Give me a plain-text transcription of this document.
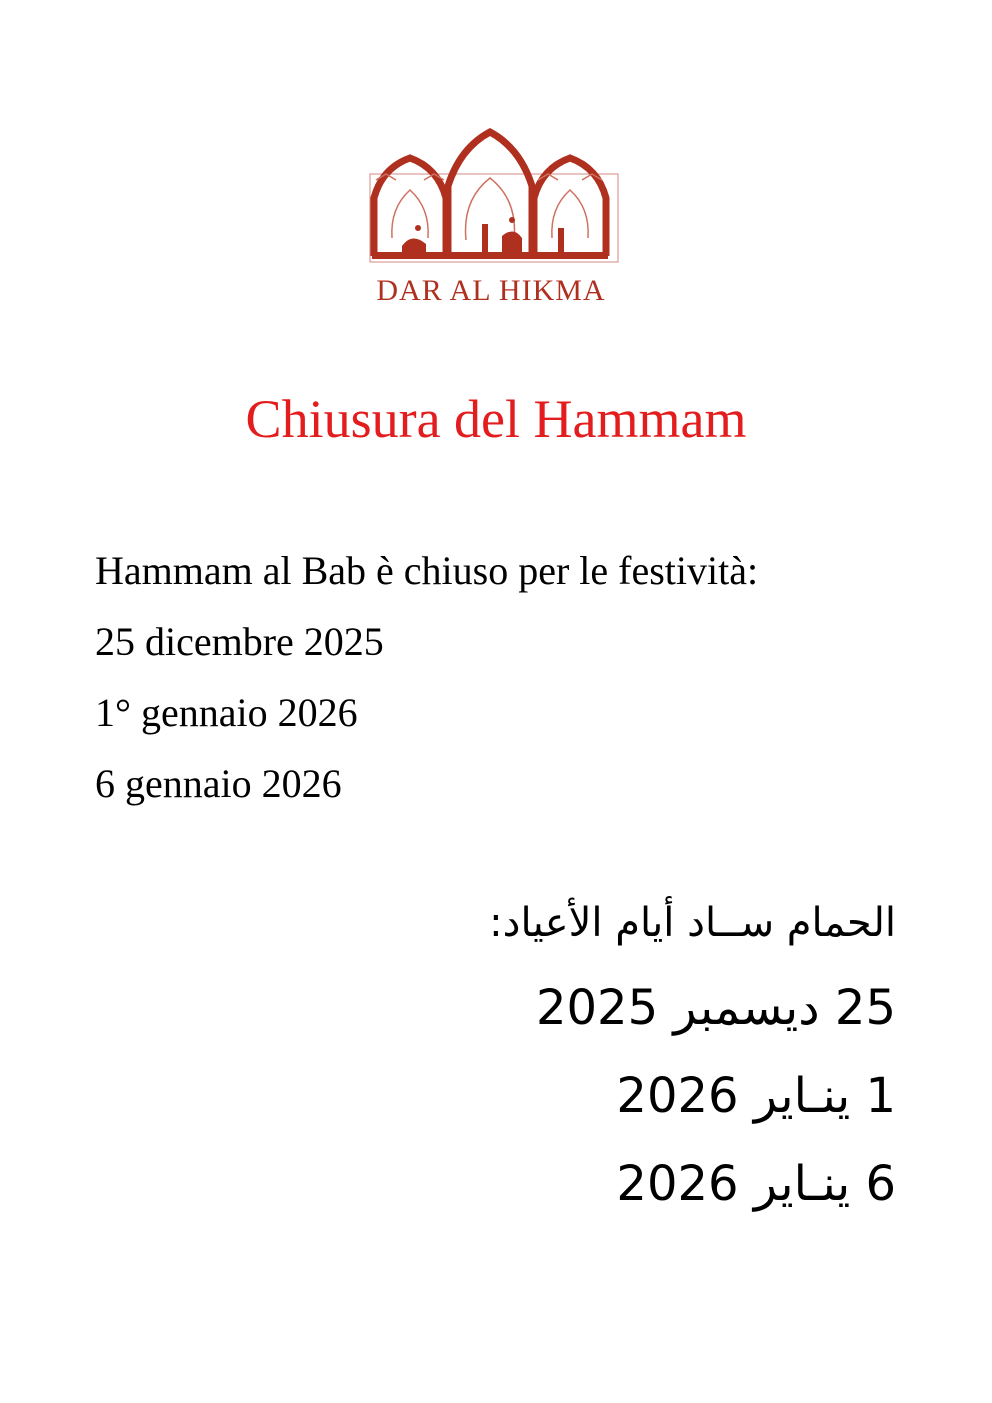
DAR AL HIKMA
Chiusura del Hammam
Hammam al Bab è chiuso per le festività:
25 dicembre 2025
1° gennaio 2026
6 gennaio 2026
الحمام ســاد أيام الأعياد:
25 ديسمبر 2025
1 ينـاير 2026
6 ينـاير 2026
